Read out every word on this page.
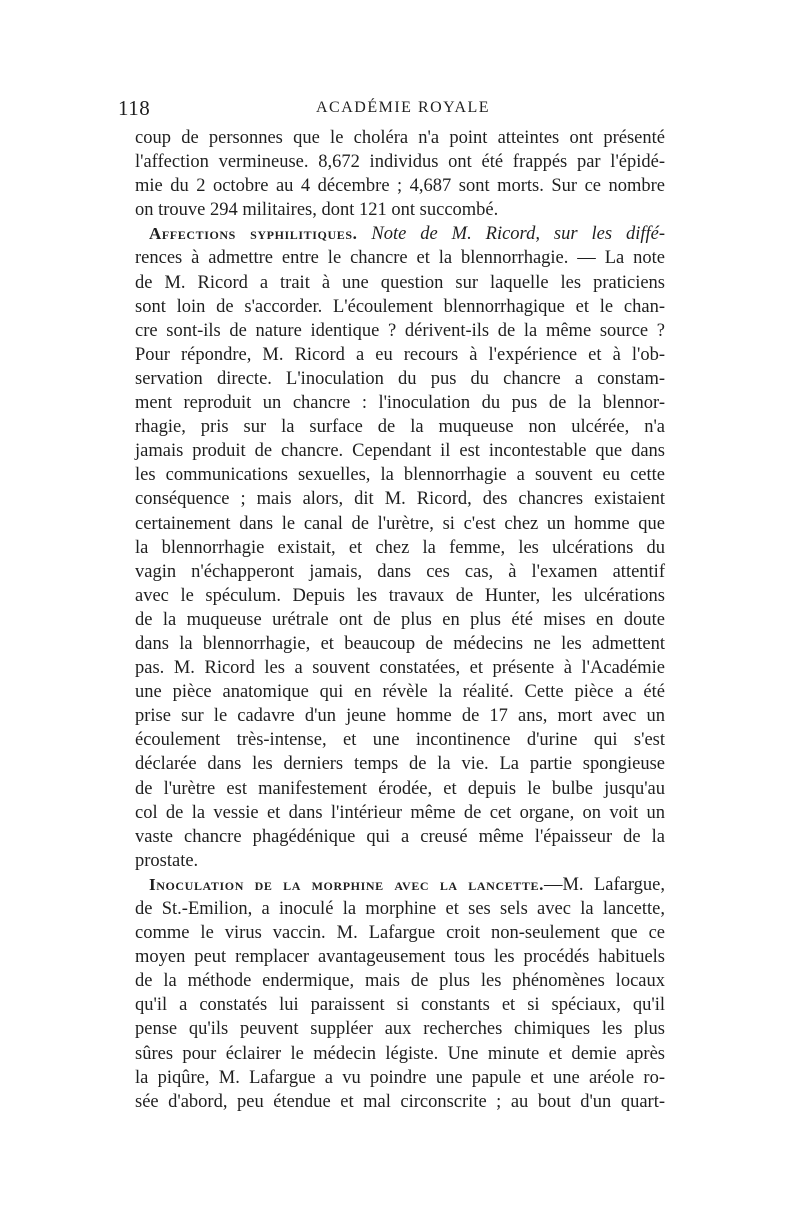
118	ACADÉMIE ROYALE
coup de personnes que le choléra n'a point atteintes ont présenté
l'affection vermineuse. 8,672 individus ont été frappés par l'épidé-
mie du 2 octobre au 4 décembre ; 4,687 sont morts. Sur ce nombre
on trouve 294 militaires, dont 121 ont succombé.
Affections syphilitiques. Note de M. Ricord, sur les diffé-
rences à admettre entre le chancre et la blennorrhagie. — La note
de M. Ricord a trait à une question sur laquelle les praticiens
sont loin de s'accorder. L'écoulement blennorrhagique et le chan-
cre sont-ils de nature identique ? dérivent-ils de la même source ?
Pour répondre, M. Ricord a eu recours à l'expérience et à l'ob-
servation directe. L'inoculation du pus du chancre a constam-
ment reproduit un chancre : l'inoculation du pus de la blennor-
rhagie, pris sur la surface de la muqueuse non ulcérée, n'a
jamais produit de chancre. Cependant il est incontestable que dans
les communications sexuelles, la blennorrhagie a souvent eu cette
conséquence ; mais alors, dit M. Ricord, des chancres existaient
certainement dans le canal de l'urètre, si c'est chez un homme que
la blennorrhagie existait, et chez la femme, les ulcérations du
vagin n'échapperont jamais, dans ces cas, à l'examen attentif
avec le spéculum. Depuis les travaux de Hunter, les ulcérations
de la muqueuse urétrale ont de plus en plus été mises en doute
dans la blennorrhagie, et beaucoup de médecins ne les admettent
pas. M. Ricord les a souvent constatées, et présente à l'Académie
une pièce anatomique qui en révèle la réalité. Cette pièce a été
prise sur le cadavre d'un jeune homme de 17 ans, mort avec un
écoulement très-intense, et une incontinence d'urine qui s'est
déclarée dans les derniers temps de la vie. La partie spongieuse
de l'urètre est manifestement érodée, et depuis le bulbe jusqu'au
col de la vessie et dans l'intérieur même de cet organe, on voit un
vaste chancre phagédénique qui a creusé même l'épaisseur de la
prostate.
Inoculation de la morphine avec la lancette.—M. Lafargue,
de St.-Emilion, a inoculé la morphine et ses sels avec la lancette,
comme le virus vaccin. M. Lafargue croit non-seulement que ce
moyen peut remplacer avantageusement tous les procédés habituels
de la méthode endermique, mais de plus les phénomènes locaux
qu'il a constatés lui paraissent si constants et si spéciaux, qu'il
pense qu'ils peuvent suppléer aux recherches chimiques les plus
sûres pour éclairer le médecin légiste. Une minute et demie après
la piqûre, M. Lafargue a vu poindre une papule et une aréole ro-
sée d'abord, peu étendue et mal circonscrite ; au bout d'un quart-
